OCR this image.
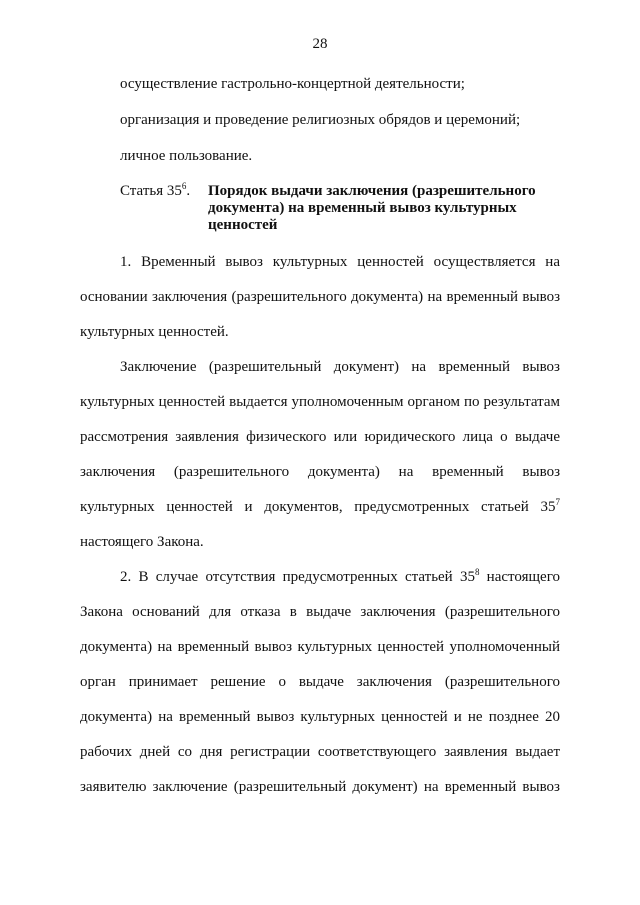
28
осуществление гастрольно-концертной деятельности;
организация и проведение религиозных обрядов и церемоний;
личное пользование.
Статья $35^6$. Порядок выдачи заключения (разрешительного
документа) на временный вывоз культурных
ценностей
1. Временный вывоз культурных ценностей осуществляется на
основании заключения (разрешительного документа) на временный вывоз
культурных ценностей.
Заключение (разрешительный документ) на временный вывоз
культурных ценностей выдается уполномоченным органом по результатам
рассмотрения заявления физического или юридического лица о выдаче
заключения (разрешительного документа) на временный вывоз
культурных ценностей и документов, предусмотренных статьей $35^7$
настоящего Закона.
2. В случае отсутствия предусмотренных статьей $35^8$ настоящего
Закона оснований для отказа в выдаче заключения (разрешительного
документа) на временный вывоз культурных ценностей уполномоченный
орган принимает решение о выдаче заключения (разрешительного
документа) на временный вывоз культурных ценностей и не позднее 20
рабочих дней со дня регистрации соответствующего заявления выдает
заявителю заключение (разрешительный документ) на временный вывоз
